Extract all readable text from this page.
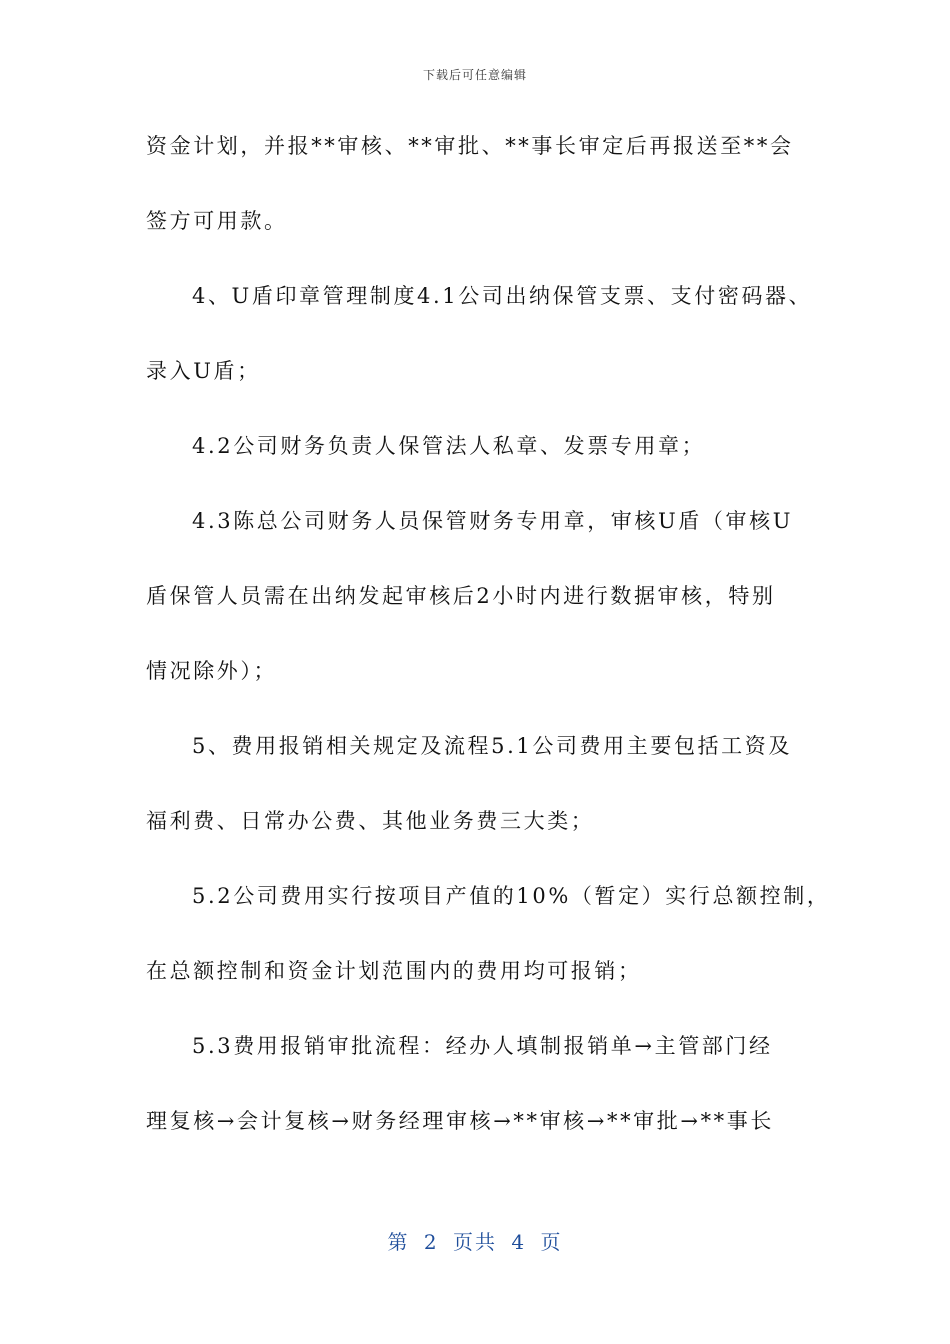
下载后可任意编辑
资金计划，并报**审核、**审批、**事长审定后再报送至**会
签方可用款。
4、U盾印章管理制度4.1公司出纳保管支票、支付密码器、
录入U盾；
4.2公司财务负责人保管法人私章、发票专用章；
4.3陈总公司财务人员保管财务专用章，审核U盾（审核U
盾保管人员需在出纳发起审核后2小时内进行数据审核，特别
情况除外）；
5、费用报销相关规定及流程5.1公司费用主要包括工资及
福利费、日常办公费、其他业务费三大类；
5.2公司费用实行按项目产值的10%（暂定）实行总额控制，
在总额控制和资金计划范围内的费用均可报销；
5.3费用报销审批流程：经办人填制报销单→主管部门经
理复核→会计复核→财务经理审核→**审核→**审批→**事长
第 2 页共 4 页
